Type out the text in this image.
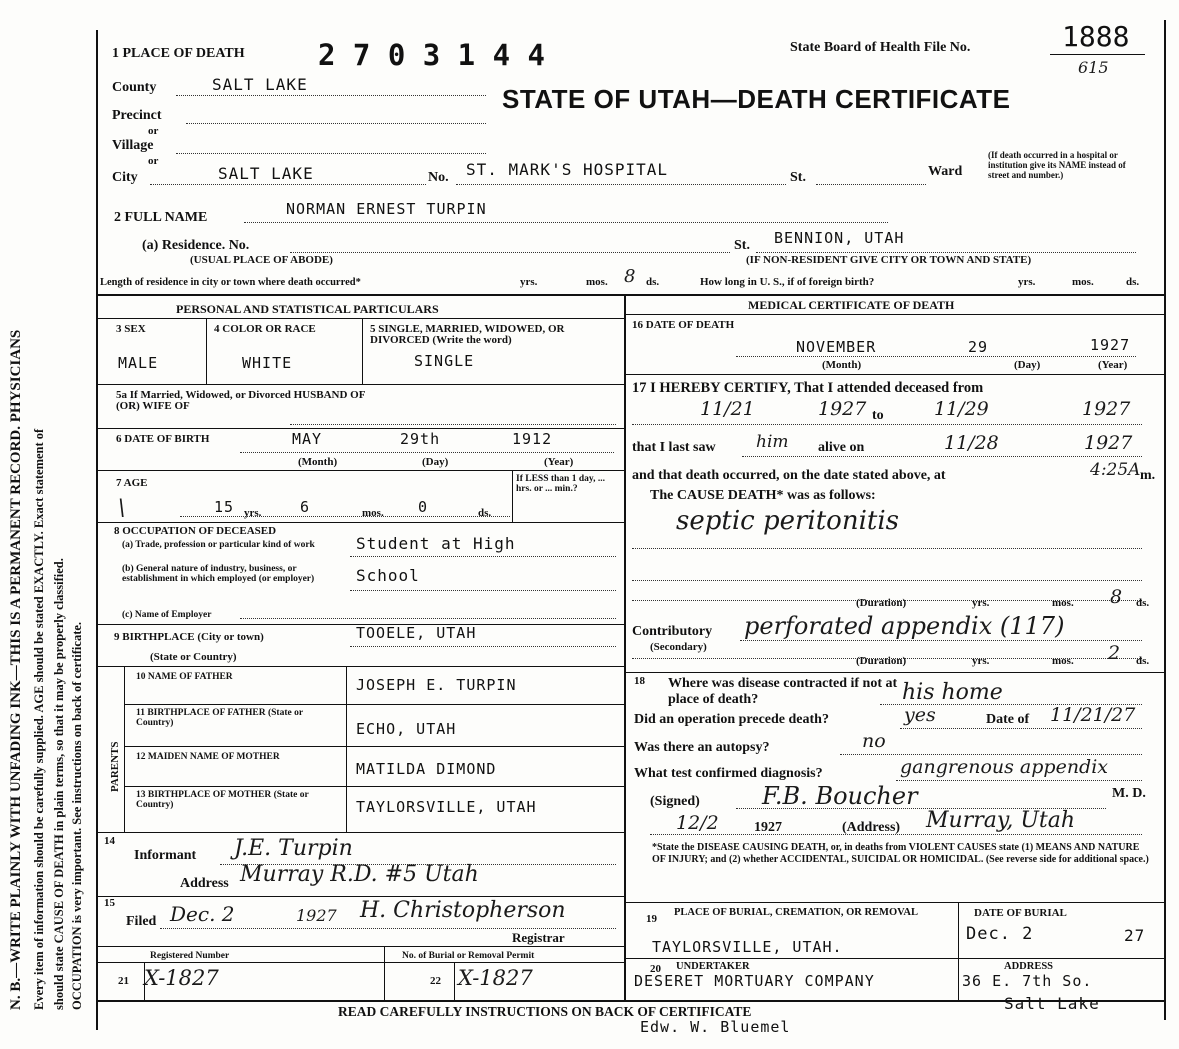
N. B.—WRITE PLAINLY WITH UNFADING INK—THIS IS A PERMANENT RECORD. PHYSICIANS
Every item of information should be carefully supplied. AGE should be stated EXACTLY. Exact statement of
should state CAUSE OF DEATH in plain terms, so that it may be properly classified. OCCUPATION is very important. See instructions on back of certificate.
1 PLACE OF DEATH	2 7 0 3 1 4 4	State Board of Health File No.	1888
615
STATE OF UTAH—DEATH CERTIFICATE
County	SALT LAKE
Precinct
or
Village
or
City	SALT LAKE	No. ST. MARK'S HOSPITAL	St.	Ward
(If death occurred in a hospital or institution give its NAME instead of street and number.)
2 FULL NAME	NORMAN ERNEST TURPIN
(a) Residence. No.
(USUAL PLACE OF ABODE)
St. BENNION, UTAH
(IF NON-RESIDENT GIVE CITY OR TOWN AND STATE)
Length of residence in city or town where death occurred*	yrs.	mos. 8 ds.	How long in U. S., if of foreign birth?	yrs.	mos.	ds.
PERSONAL AND STATISTICAL PARTICULARS
3 SEX
MALE
4 COLOR OR RACE
WHITE
5 SINGLE, MARRIED, WIDOWED, OR DIVORCED (Write the word)
SINGLE
5a If Married, Widowed, or Divorced HUSBAND OF (OR) WIFE OF
6 DATE OF BIRTH	MAY	29th	1912
(Month)	(Day)	(Year)
7 AGE
\	15 yrs.	6	mos. 0	ds.
If LESS than 1 day, ... hrs. or ... min.?
8 OCCUPATION OF DECEASED
(a) Trade, profession or particular kind of work
(b) General nature of industry, business, or establishment in which employed (or employer)
Student at High
School
(c) Name of Employer
9 BIRTHPLACE (City or town)
(State or Country)
TOOELE, UTAH
PARENTS
10 NAME OF FATHER	JOSEPH E. TURPIN
11 BIRTHPLACE OF FATHER (State or Country)	ECHO, UTAH
12 MAIDEN NAME OF MOTHER
MATILDA DIMOND
13 BIRTHPLACE OF MOTHER (State or Country)	TAYLORSVILLE, UTAH
14
Informant J.E. Turpin
Address Murray R.D. #5 Utah
15
Filed Dec. 2	1927 H. Christopherson
Registrar
Registered Number	No. of Burial or Removal Permit
21 X-1827	22 X-1827
MEDICAL CERTIFICATE OF DEATH
16 DATE OF DEATH
NOVEMBER	29	1927
(Month)	(Day)	(Year)
17 I HEREBY CERTIFY, That I attended deceased from
11/21	1927 to	11/29	1927
that I last saw him alive on	11/28	1927
and that death occurred, on the date stated above, at	4:25A m.
The CAUSE DEATH* was as follows:
septic peritonitis
(Duration)	yrs.	mos. 8 ds.
Contributory
(Secondary)
perforated appendix (117)
(Duration)	yrs.	mos. 2 ds.
18 Where was disease contracted if not at place of death?	his home
Did an operation precede death?	yes	Date of 11/21/27
Was there an autopsy?	no
What test confirmed diagnosis?	gangrenous appendix
(Signed)	F.B. Boucher	M. D.
12/2	1927	(Address) Murray, Utah
*State the DISEASE CAUSING DEATH, or, in deaths from VIOLENT CAUSES state (1) MEANS AND NATURE OF INJURY; and (2) whether ACCIDENTAL, SUICIDAL OR HOMICIDAL. (See reverse side for additional space.)
19
PLACE OF BURIAL, CREMATION, OR REMOVAL
TAYLORSVILLE, UTAH.
DATE OF BURIAL
Dec. 2	27
20 UNDERTAKER
DESERET MORTUARY COMPANY
ADDRESS
36 E. 7th So.
Salt Lake
READ CAREFULLY INSTRUCTIONS ON BACK OF CERTIFICATE
Edw. W. Bluemel
